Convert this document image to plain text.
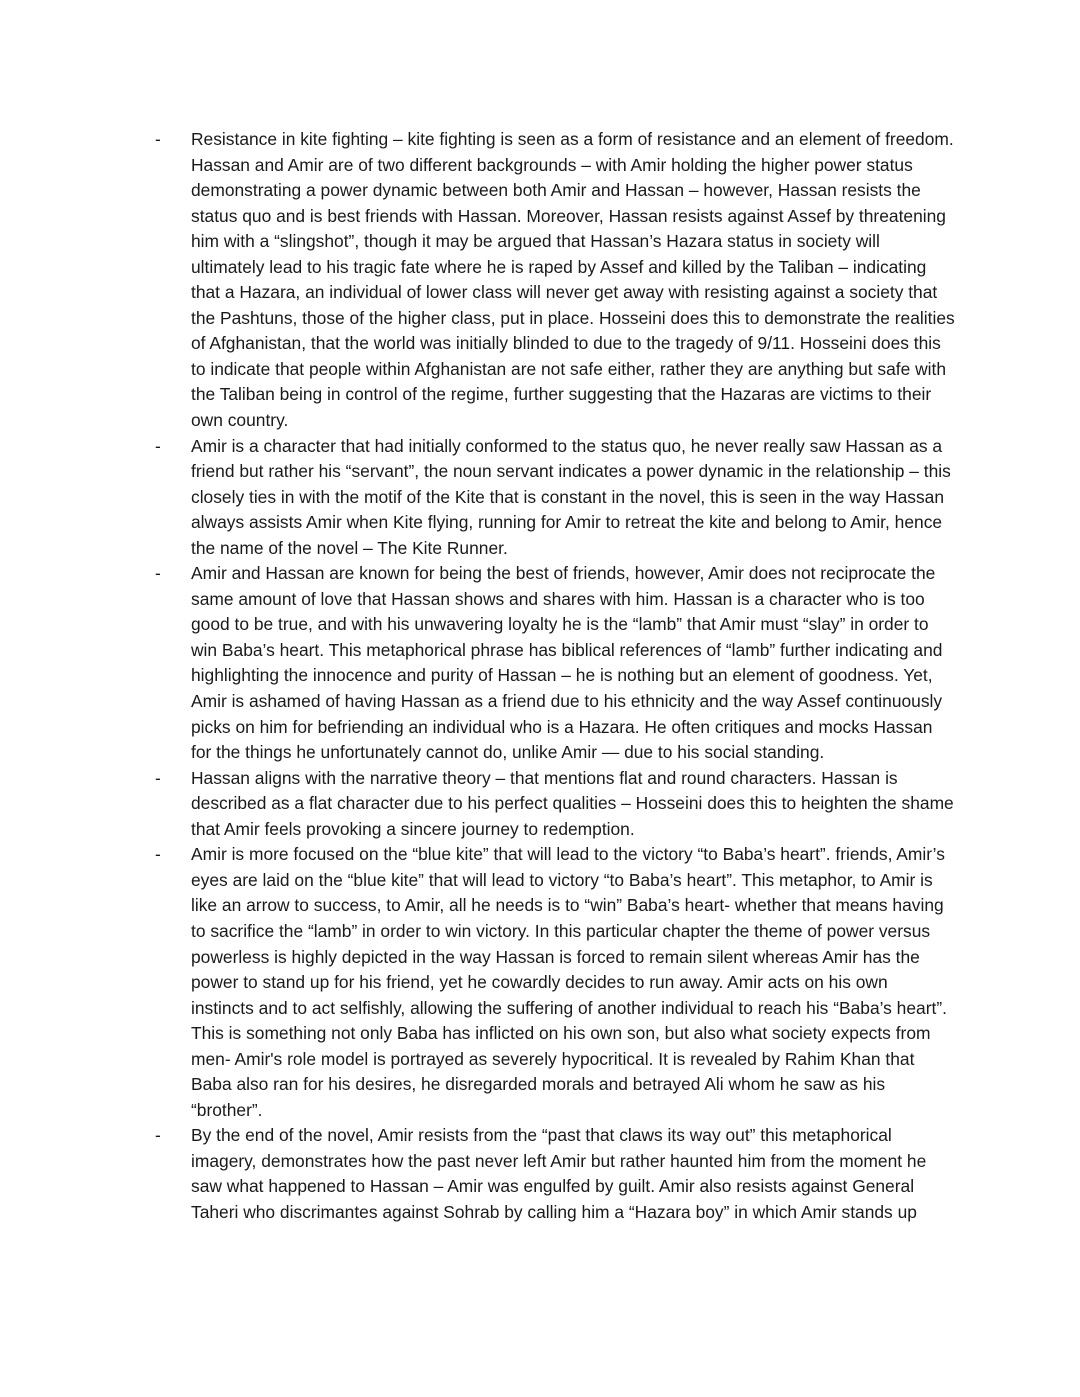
-	Resistance in kite fighting – kite fighting is seen as a form of resistance and an element of freedom. Hassan and Amir are of two different backgrounds – with Amir holding the higher power status demonstrating a power dynamic between both Amir and Hassan – however, Hassan resists the status quo and is best friends with Hassan. Moreover, Hassan resists against Assef by threatening him with a “slingshot”, though it may be argued that Hassan’s Hazara status in society will ultimately lead to his tragic fate where he is raped by Assef and killed by the Taliban – indicating that a Hazara, an individual of lower class will never get away with resisting against a society that the Pashtuns, those of the higher class, put in place. Hosseini does this to demonstrate the realities of Afghanistan, that the world was initially blinded to due to the tragedy of 9/11. Hosseini does this to indicate that people within Afghanistan are not safe either, rather they are anything but safe with the Taliban being in control of the regime, further suggesting that the Hazaras are victims to their own country.

-	Amir is a character that had initially conformed to the status quo, he never really saw Hassan as a friend but rather his “servant”, the noun servant indicates a power dynamic in the relationship – this closely ties in with the motif of the Kite that is constant in the novel, this is seen in the way Hassan always assists Amir when Kite flying, running for Amir to retreat the kite and belong to Amir, hence the name of the novel – The Kite Runner.

-	Amir and Hassan are known for being the best of friends, however, Amir does not reciprocate the same amount of love that Hassan shows and shares with him. Hassan is a character who is too good to be true, and with his unwavering loyalty he is the “lamb” that Amir must “slay” in order to win Baba’s heart. This metaphorical phrase has biblical references of “lamb” further indicating and highlighting the innocence and purity of Hassan – he is nothing but an element of goodness. Yet, Amir is ashamed of having Hassan as a friend due to his ethnicity and the way Assef continuously picks on him for befriending an individual who is a Hazara. He often critiques and mocks Hassan for the things he unfortunately cannot do, unlike Amir — due to his social standing.

-	Hassan aligns with the narrative theory – that mentions flat and round characters. Hassan is described as a flat character due to his perfect qualities – Hosseini does this to heighten the shame that Amir feels provoking a sincere journey to redemption.

-	Amir is more focused on the “blue kite” that will lead to the victory “to Baba’s heart”. friends, Amir’s eyes are laid on the “blue kite” that will lead to victory “to Baba’s heart”. This metaphor, to Amir is like an arrow to success, to Amir, all he needs is to “win” Baba’s heart- whether that means having to sacrifice the “lamb” in order to win victory. In this particular chapter the theme of power versus powerless is highly depicted in the way Hassan is forced to remain silent whereas Amir has the power to stand up for his friend, yet he cowardly decides to run away. Amir acts on his own instincts and to act selfishly, allowing the suffering of another individual to reach his “Baba’s heart”. This is something not only Baba has inflicted on his own son, but also what society expects from men- Amir's role model is portrayed as severely hypocritical. It is revealed by Rahim Khan that Baba also ran for his desires, he disregarded morals and betrayed Ali whom he saw as his “brother”.

-	By the end of the novel, Amir resists from the “past that claws its way out” this metaphorical imagery, demonstrates how the past never left Amir but rather haunted him from the moment he saw what happened to Hassan – Amir was engulfed by guilt. Amir also resists against General Taheri who discrimantes against Sohrab by calling him a “Hazara boy” in which Amir stands up
